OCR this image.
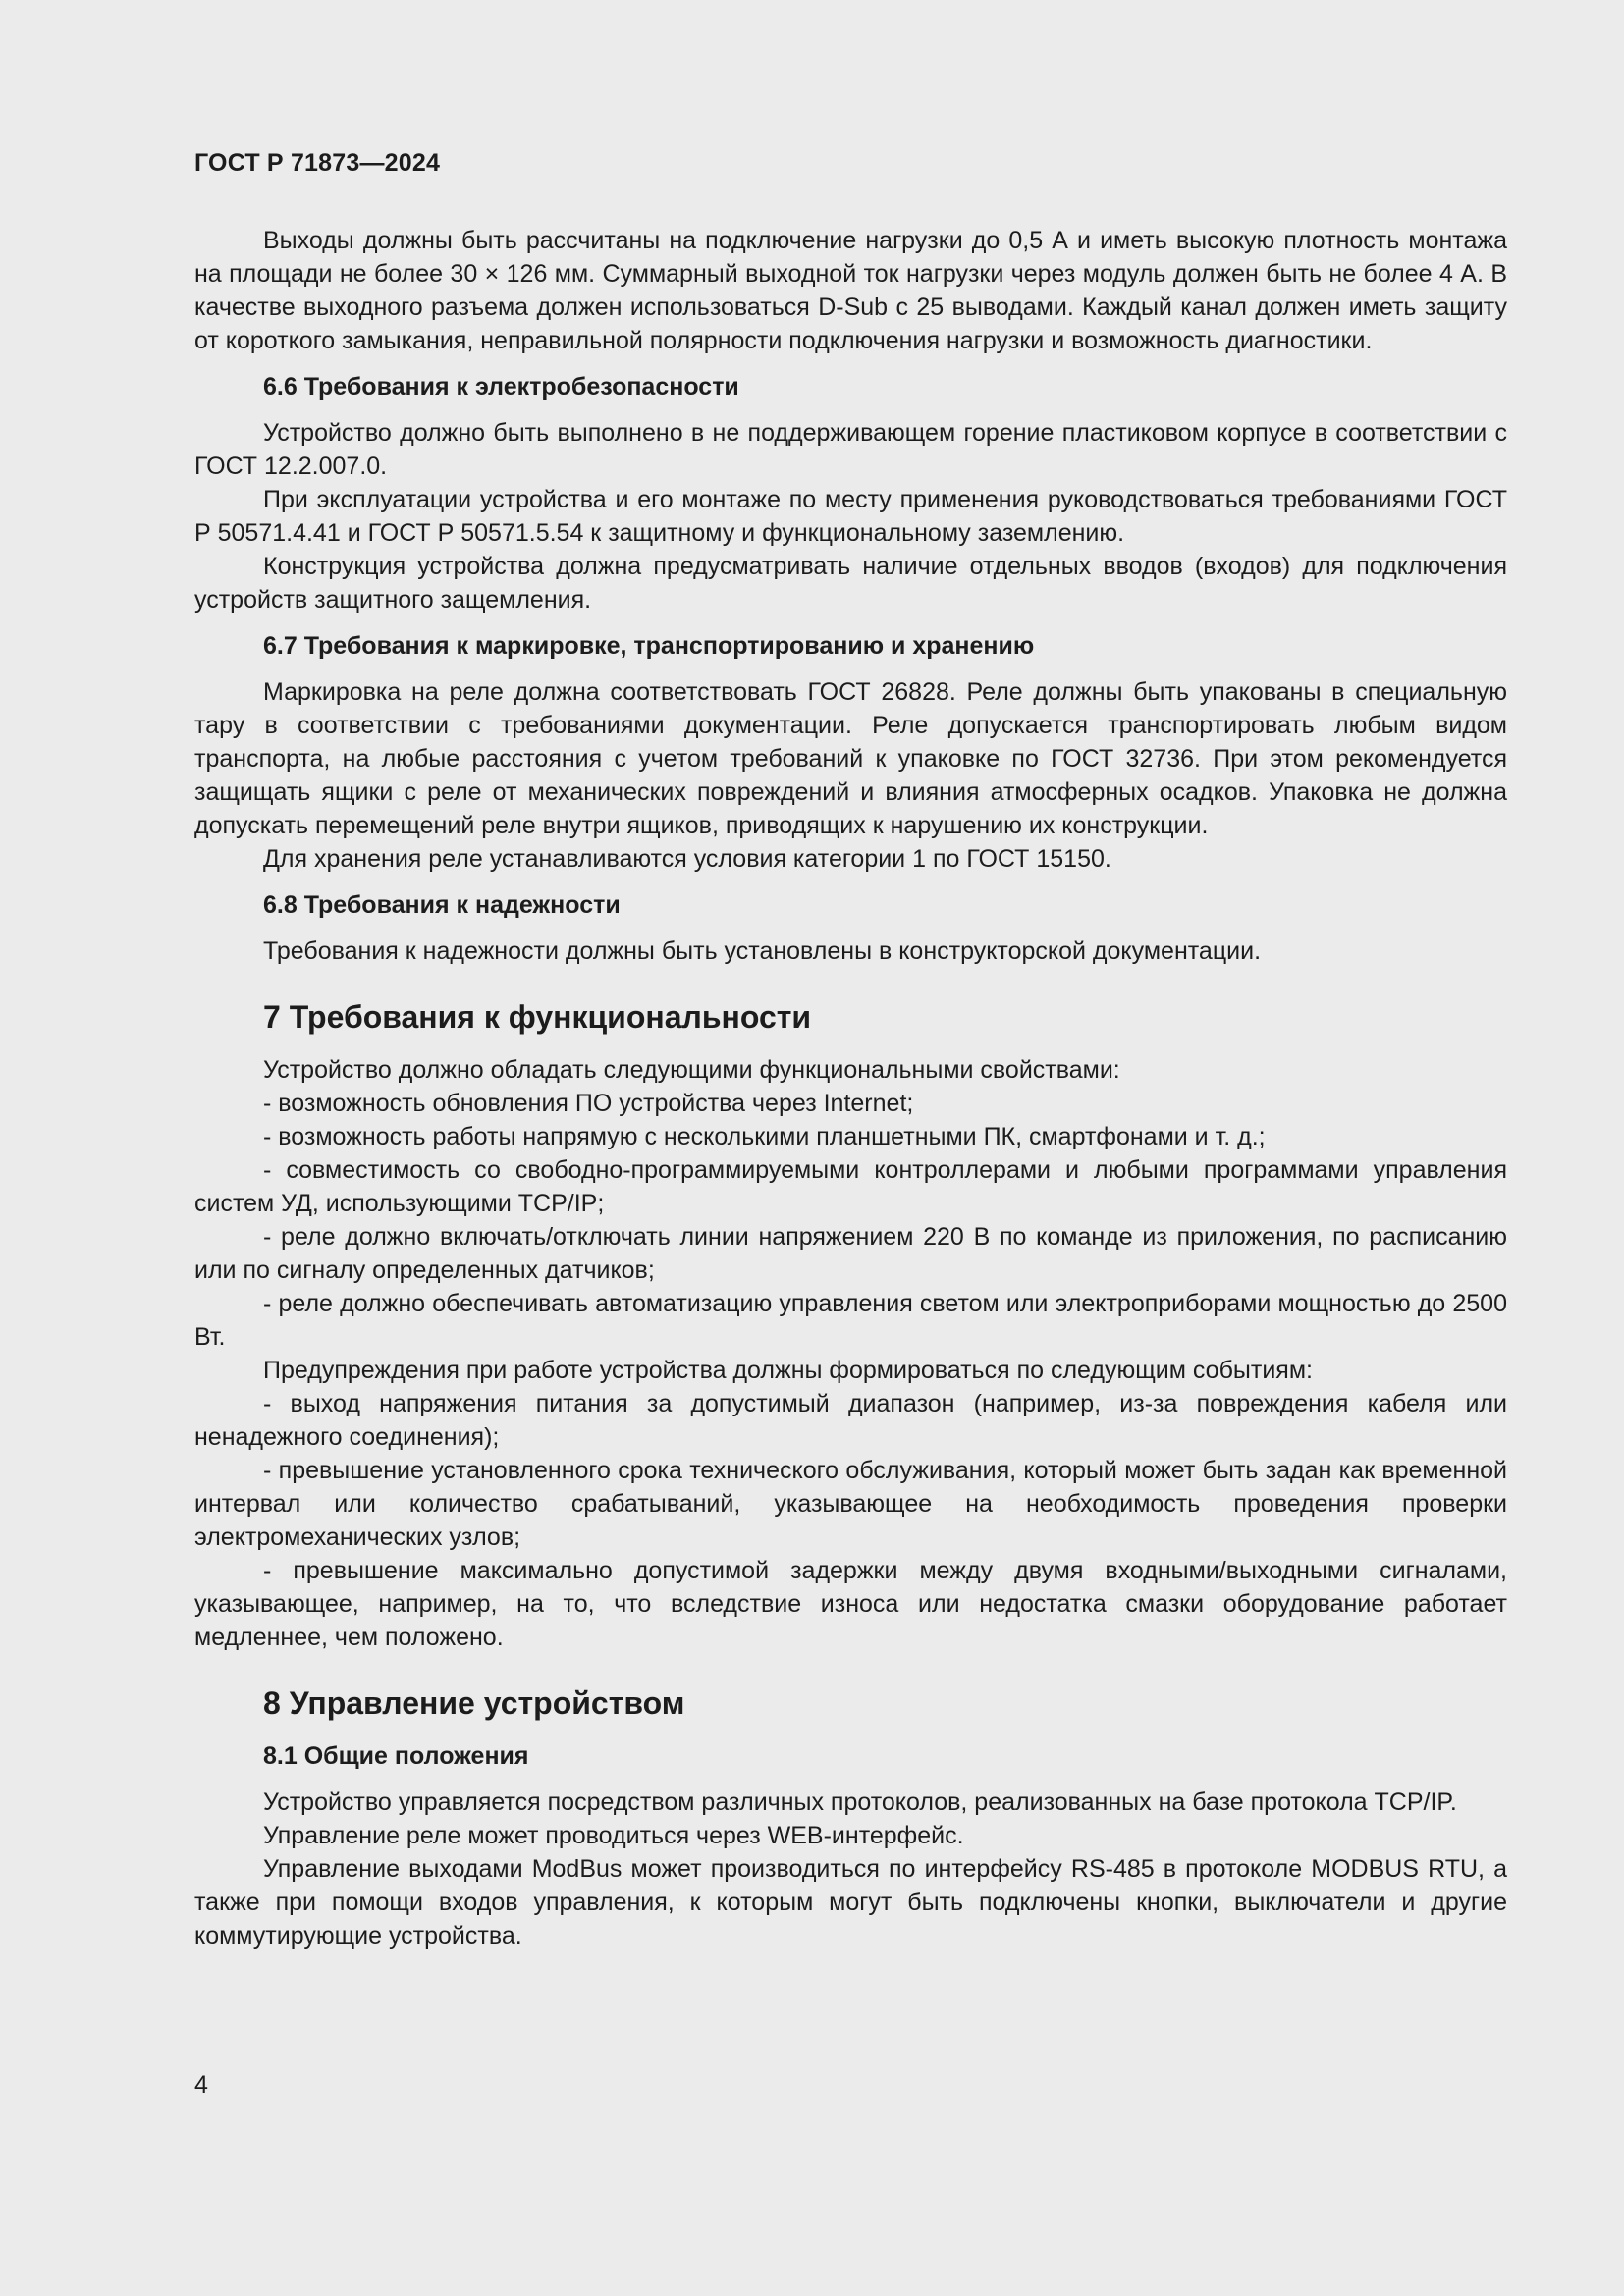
ГОСТ Р 71873—2024

Выходы должны быть рассчитаны на подключение нагрузки до 0,5 А и иметь высокую плотность монтажа на площади не более 30 × 126 мм. Суммарный выходной ток нагрузки через модуль должен быть не более 4 А. В качестве выходного разъема должен использоваться D-Sub с 25 выводами. Каждый канал должен иметь защиту от короткого замыкания, неправильной полярности подключения нагрузки и возможность диагностики.

6.6 Требования к электробезопасности

Устройство должно быть выполнено в не поддерживающем горение пластиковом корпусе в соответствии с ГОСТ 12.2.007.0.

При эксплуатации устройства и его монтаже по месту применения руководствоваться требованиями ГОСТ Р 50571.4.41 и ГОСТ Р 50571.5.54 к защитному и функциональному заземлению.

Конструкция устройства должна предусматривать наличие отдельных вводов (входов) для подключения устройств защитного защемления.

6.7 Требования к маркировке, транспортированию и хранению

Маркировка на реле должна соответствовать ГОСТ 26828. Реле должны быть упакованы в специальную тару в соответствии с требованиями документации. Реле допускается транспортировать любым видом транспорта, на любые расстояния с учетом требований к упаковке по ГОСТ 32736. При этом рекомендуется защищать ящики с реле от механических повреждений и влияния атмосферных осадков. Упаковка не должна допускать перемещений реле внутри ящиков, приводящих к нарушению их конструкции.

Для хранения реле устанавливаются условия категории 1 по ГОСТ 15150.

6.8 Требования к надежности

Требования к надежности должны быть установлены в конструкторской документации.

7 Требования к функциональности

Устройство должно обладать следующими функциональными свойствами:

- возможность обновления ПО устройства через Internet;

- возможность работы напрямую с несколькими планшетными ПК, смартфонами и т. д.;

- совместимость со свободно-программируемыми контроллерами и любыми программами управления систем УД, использующими TCP/IP;

- реле должно включать/отключать линии напряжением 220 В по команде из приложения, по расписанию или по сигналу определенных датчиков;

- реле должно обеспечивать автоматизацию управления светом или электроприборами мощностью до 2500 Вт.

Предупреждения при работе устройства должны формироваться по следующим событиям:

- выход напряжения питания за допустимый диапазон (например, из-за повреждения кабеля или ненадежного соединения);

- превышение установленного срока технического обслуживания, который может быть задан как временной интервал или количество срабатываний, указывающее на необходимость проведения проверки электромеханических узлов;

- превышение максимально допустимой задержки между двумя входными/выходными сигналами, указывающее, например, на то, что вследствие износа или недостатка смазки оборудование работает медленнее, чем положено.

8 Управление устройством
8.1 Общие положения

Устройство управляется посредством различных протоколов, реализованных на базе протокола TCP/IP.

Управление реле может проводиться через WEB-интерфейс.

Управление выходами ModBus может производиться по интерфейсу RS-485 в протоколе MODBUS RTU, а также при помощи входов управления, к которым могут быть подключены кнопки, выключатели и другие коммутирующие устройства.

4
